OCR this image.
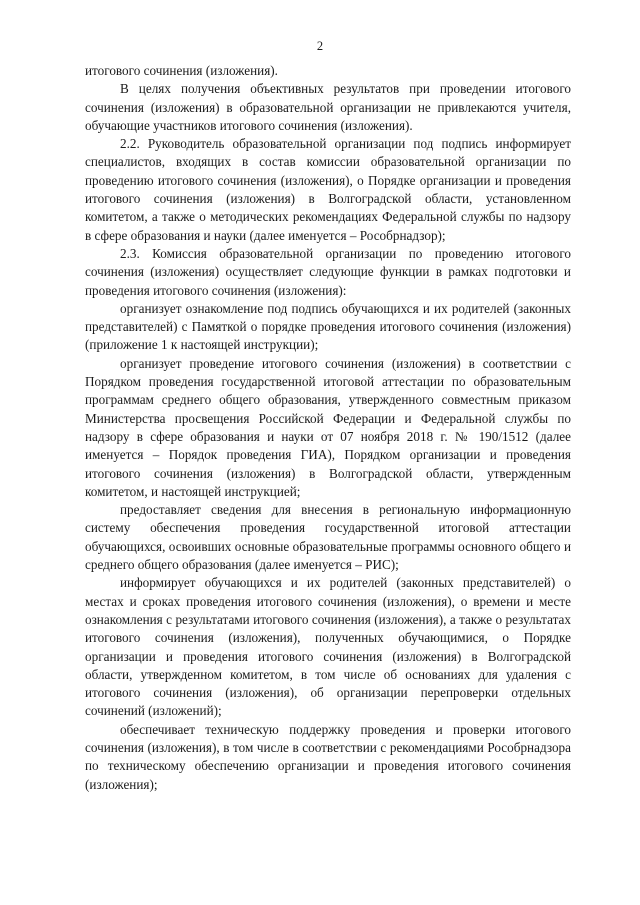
2

итогового сочинения (изложения).

В целях получения объективных результатов при проведении итогового сочинения (изложения) в образовательной организации не привлекаются учителя, обучающие участников итогового сочинения (изложения).

2.2. Руководитель образовательной организации под подпись информирует специалистов, входящих в состав комиссии образовательной организации по проведению итогового сочинения (изложения), о Порядке организации и проведения итогового сочинения (изложения) в Волгоградской области, установленном комитетом, а также о методических рекомендациях Федеральной службы по надзору в сфере образования и науки (далее именуется – Рособрнадзор);

2.3. Комиссия образовательной организации по проведению итогового сочинения (изложения) осуществляет следующие функции в рамках подготовки и проведения итогового сочинения (изложения):

организует ознакомление под подпись обучающихся и их родителей (законных представителей) с Памяткой о порядке проведения итогового сочинения (изложения) (приложение 1 к настоящей инструкции);

организует проведение итогового сочинения (изложения) в соответствии с Порядком проведения государственной итоговой аттестации по образовательным программам среднего общего образования, утвержденного совместным приказом Министерства просвещения Российской Федерации и Федеральной службы по надзору в сфере образования и науки от 07 ноября 2018 г. № 190/1512 (далее именуется – Порядок проведения ГИА), Порядком организации и проведения итогового сочинения (изложения) в Волгоградской области, утвержденным комитетом, и настоящей инструкцией;

предоставляет сведения для внесения в региональную информационную систему обеспечения проведения государственной итоговой аттестации обучающихся, освоивших основные образовательные программы основного общего и среднего общего образования (далее именуется – РИС);

информирует обучающихся и их родителей (законных представителей) о местах и сроках проведения итогового сочинения (изложения), о времени и месте ознакомления с результатами итогового сочинения (изложения), а также о результатах итогового сочинения (изложения), полученных обучающимися, о Порядке организации и проведения итогового сочинения (изложения) в Волгоградской области, утвержденном комитетом, в том числе об основаниях для удаления с итогового сочинения (изложения), об организации перепроверки отдельных сочинений (изложений);

обеспечивает техническую поддержку проведения и проверки итогового сочинения (изложения), в том числе в соответствии с рекомендациями Рособрнадзора по техническому обеспечению организации и проведения итогового сочинения (изложения);
